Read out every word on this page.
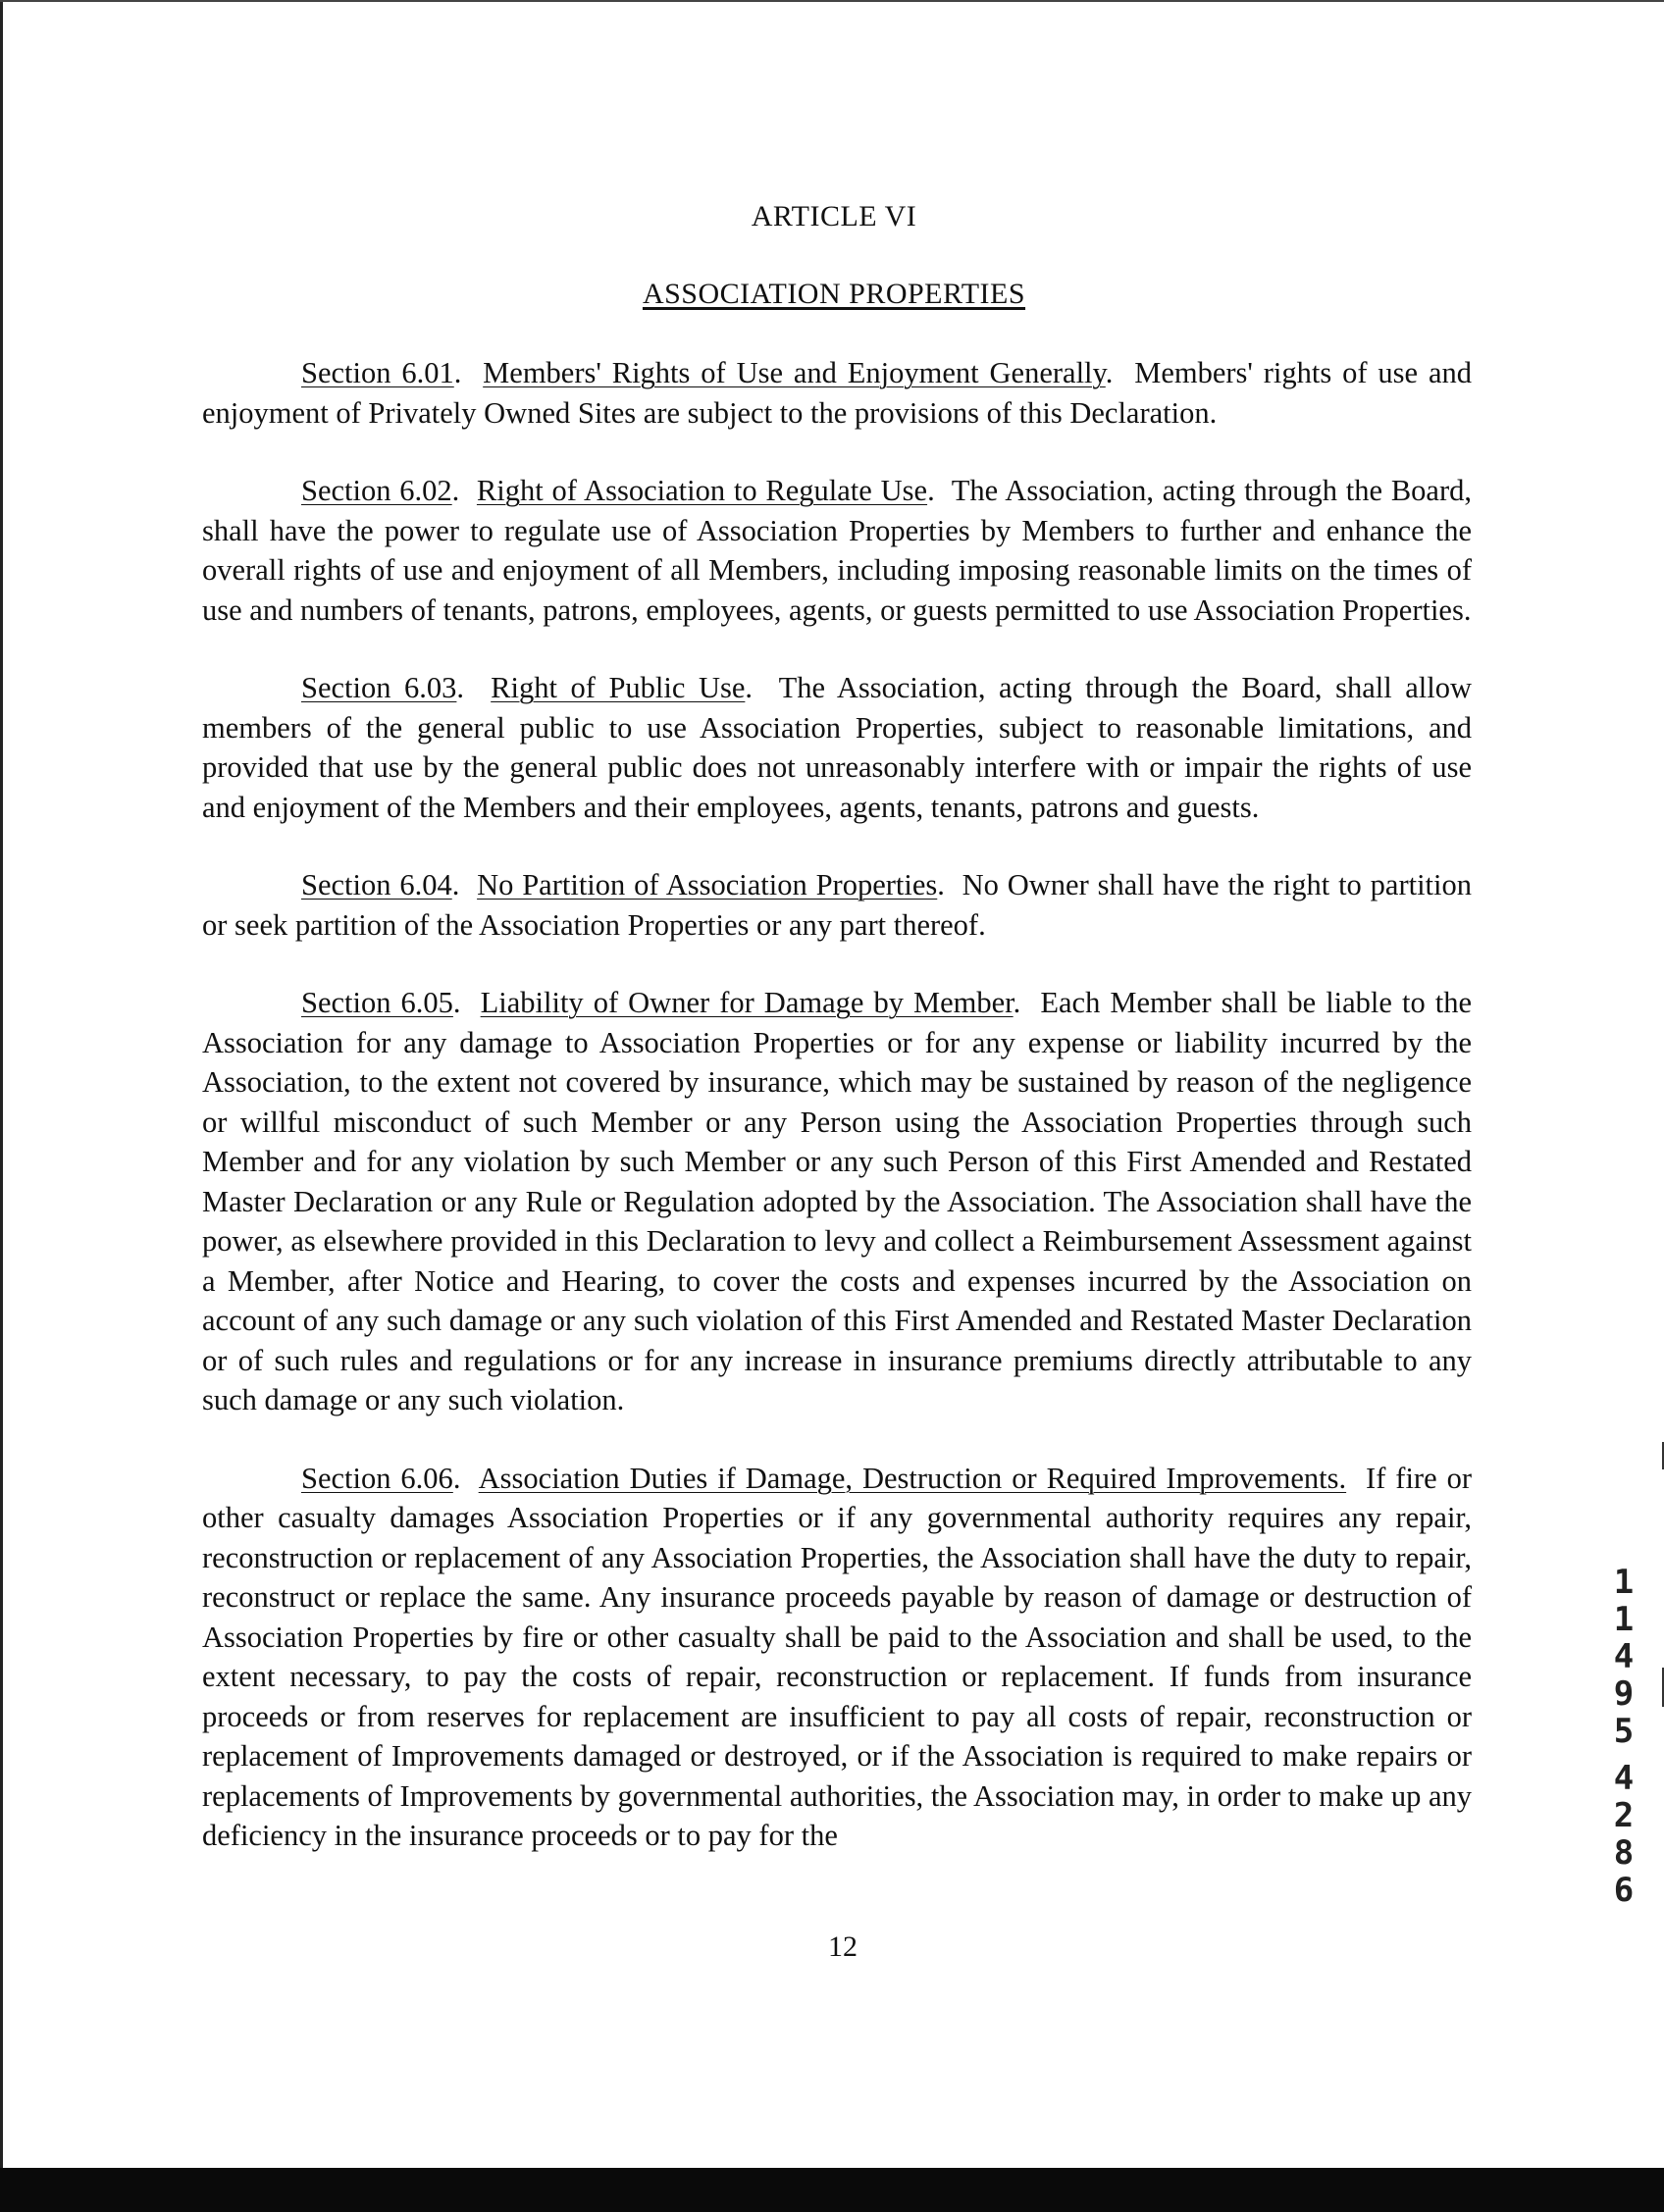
ARTICLE VI
ASSOCIATION PROPERTIES

Section 6.01.  Members' Rights of Use and Enjoyment Generally.  Members' rights of use and enjoyment of Privately Owned Sites are subject to the provisions of this Declaration.

Section 6.02.  Right of Association to Regulate Use.  The Association, acting through the Board, shall have the power to regulate use of Association Properties by Members to further and enhance the overall rights of use and enjoyment of all Members, including imposing reasonable limits on the times of use and numbers of tenants, patrons, employees, agents, or guests permitted to use Association Properties.

Section 6.03.  Right of Public Use.  The Association, acting through the Board, shall allow members of the general public to use Association Properties, subject to reasonable limitations, and provided that use by the general public does not unreasonably interfere with or impair the rights of use and enjoyment of the Members and their employees, agents, tenants, patrons and guests.

Section 6.04.  No Partition of Association Properties.  No Owner shall have the right to partition or seek partition of the Association Properties or any part thereof.

Section 6.05.  Liability of Owner for Damage by Member.  Each Member shall be liable to the Association for any damage to Association Properties or for any expense or liability incurred by the Association, to the extent not covered by insurance, which may be sustained by reason of the negligence or willful misconduct of such Member or any Person using the Association Properties through such Member and for any violation by such Member or any such Person of this First Amended and Restated Master Declaration or any Rule or Regulation adopted by the Association. The Association shall have the power, as elsewhere provided in this Declaration to levy and collect a Reimbursement Assessment against a Member, after Notice and Hearing, to cover the costs and expenses incurred by the Association on account of any such damage or any such violation of this First Amended and Restated Master Declaration or of such rules and regulations or for any increase in insurance premiums directly attributable to any such damage or any such violation.

Section 6.06.  Association Duties if Damage, Destruction or Required Improvements. If fire or other casualty damages Association Properties or if any governmental authority requires any repair, reconstruction or replacement of any Association Properties, the Association shall have the duty to repair, reconstruct or replace the same. Any insurance proceeds payable by reason of damage or destruction of Association Properties by fire or other casualty shall be paid to the Association and shall be used, to the extent necessary, to pay the costs of repair, reconstruction or replacement. If funds from insurance proceeds or from reserves for replacement are insufficient to pay all costs of repair, reconstruction or replacement of Improvements damaged or destroyed, or if the Association is required to make repairs or replacements of Improvements by governmental authorities, the Association may, in order to make up any deficiency in the insurance proceeds or to pay for the

12
1
1
4
9
5
4
2
8
6
